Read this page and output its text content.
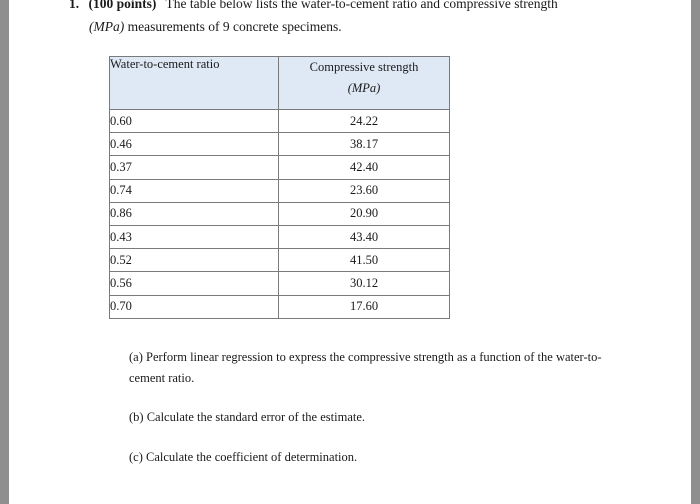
1. (100 points) The table below lists the water-to-cement ratio and compressive strength
(MPa) measurements of 9 concrete specimens.
Water-to-cement ratio	Compressive strength
(MPa)
0.60	24.22
0.46	38.17
0.37	42.40
0.74	23.60
0.86	20.90
0.43	43.40
0.52	41.50
0.56	30.12
0.70	17.60
(a) Perform linear regression to express the compressive strength as a function of the water-to-cement ratio.
(b) Calculate the standard error of the estimate.
(c) Calculate the coefficient of determination.
